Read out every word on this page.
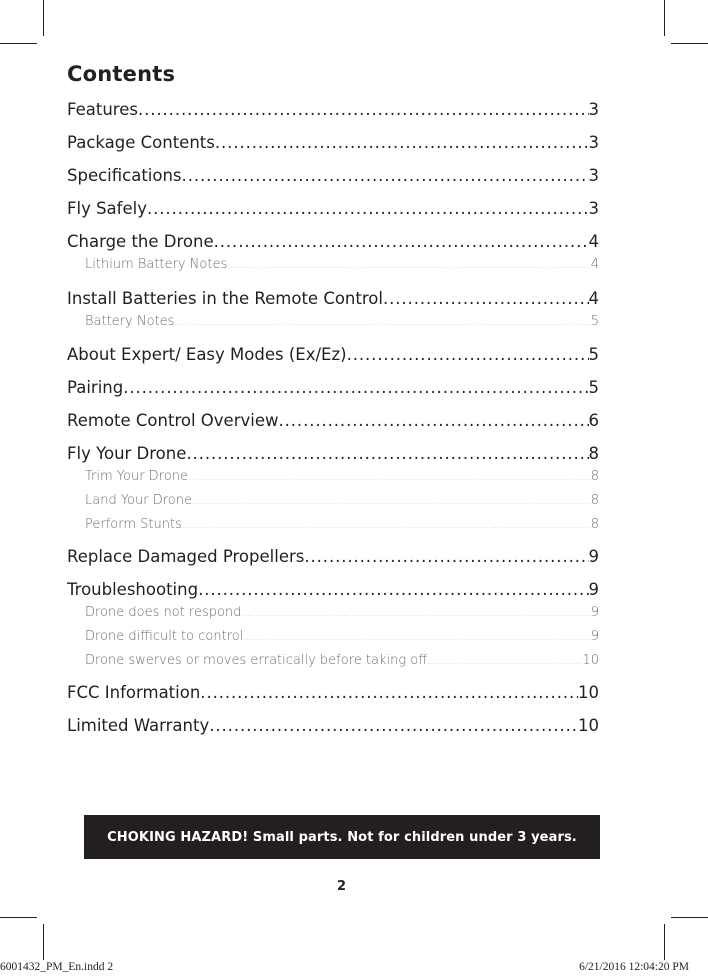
Contents
Features .....	3
Package Contents .....	3
Specifications .....	3
Fly Safely .....	3
Charge the Drone .....	4
Lithium Battery Notes .....	4
Install Batteries in the Remote Control .....	4
Battery Notes .....	5
About Expert/ Easy Modes (Ex/Ez) .....	5
Pairing .....	5
Remote Control Overview .....	6
Fly Your Drone .....	8
Trim Your Drone .....	8
Land Your Drone .....	8
Perform Stunts .....	8
Replace Damaged Propellers .....	9
Troubleshooting .....	9
Drone does not respond .....	9
Drone difficult to control .....	9
Drone swerves or moves erratically before taking off .....	10
FCC Information .....	10
Limited Warranty .....	10
CHOKING HAZARD! Small parts. Not for children under 3 years.
2
6001432_PM_En.indd 2	6/21/2016 12:04:20 PM
